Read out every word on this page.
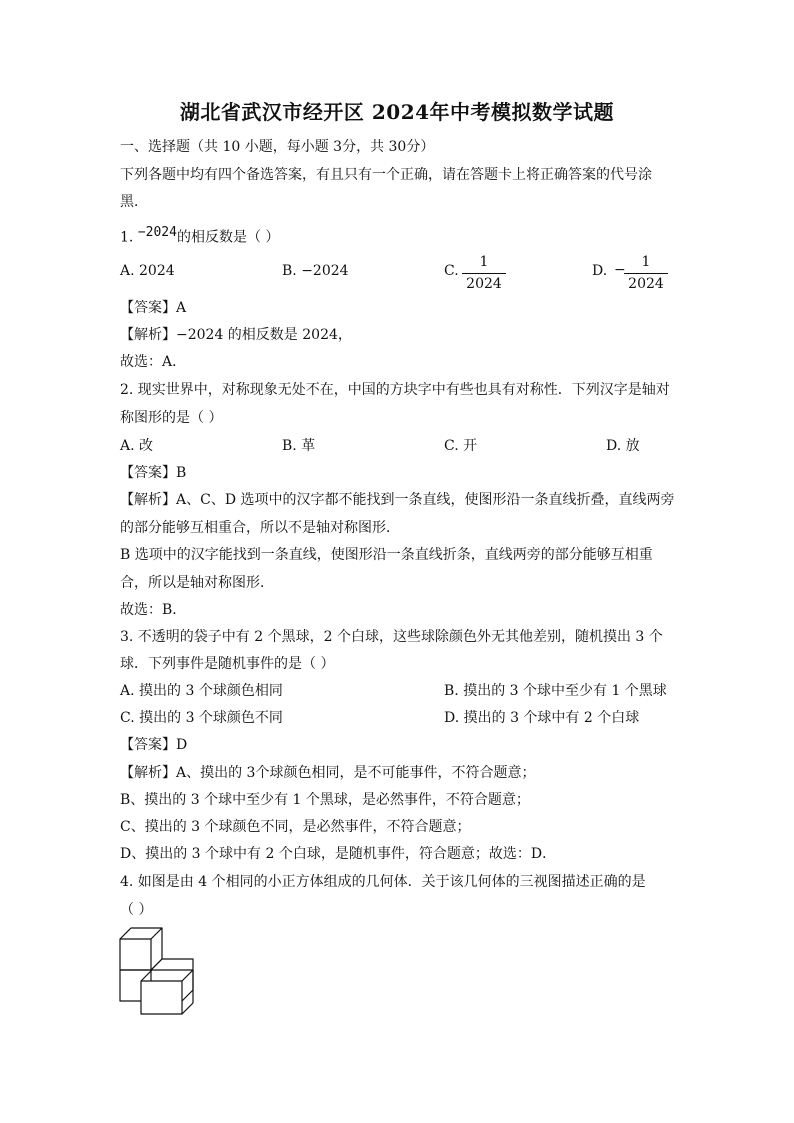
湖北省武汉市经开区 2024年中考模拟数学试题
一、选择题（共 10 小题，每小题 3分，共 30分）
下列各题中均有四个备选答案，有且只有一个正确，请在答题卡上将正确答案的代号涂
黑．
1. $^{-2024}$的相反数是（ ）
A. 2024	B. −2024	C.
1
2024
D. −	1
2024
【答案】A
【解析】−2024 的相反数是 2024，
故选：A．
2. 现实世界中，对称现象无处不在，中国的方块字中有些也具有对称性．下列汉字是轴对
称图形的是（ ）
A. 改	B. 革	C. 开	D. 放
【答案】B
【解析】A、C、D 选项中的汉字都不能找到一条直线，使图形沿一条直线折叠，直线两旁
的部分能够互相重合，所以不是轴对称图形．
B 选项中的汉字能找到一条直线，使图形沿一条直线折条，直线两旁的部分能够互相重
合，所以是轴对称图形．
故选：B．
3. 不透明的袋子中有 2 个黑球，2 个白球，这些球除颜色外无其他差别，随机摸出 3 个
球．下列事件是随机事件的是（ ）
A. 摸出的 3 个球颜色相同	B. 摸出的 3 个球中至少有 1 个黑球
C. 摸出的 3 个球颜色不同	D. 摸出的 3 个球中有 2 个白球
【答案】D
【解析】A、摸出的 3个球颜色相同，是不可能事件，不符合题意；
B、摸出的 3 个球中至少有 1 个黑球，是必然事件，不符合题意；
C、摸出的 3 个球颜色不同，是必然事件，不符合题意；
D、摸出的 3 个球中有 2 个白球，是随机事件，符合题意；故选：D．
4. 如图是由 4 个相同的小正方体组成的几何体．关于该几何体的三视图描述正确的是
（ ）
